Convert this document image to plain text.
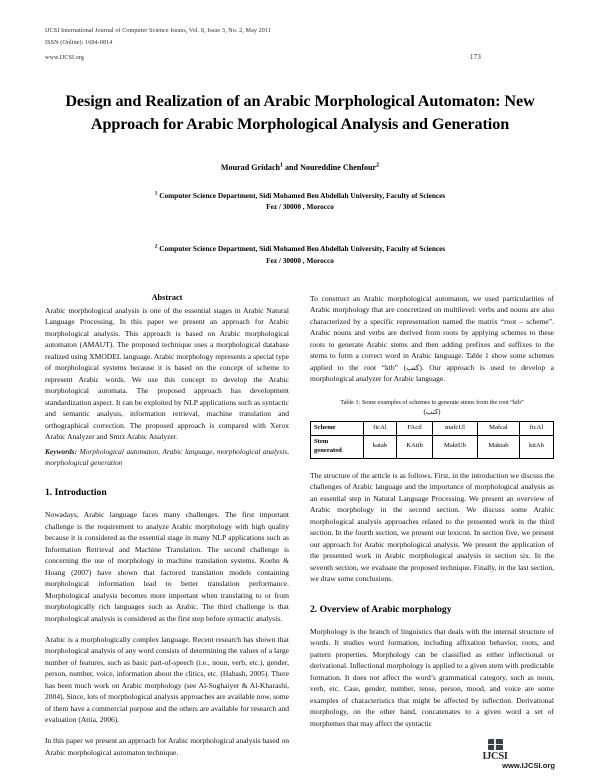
IJCSI International Journal of Computer Science Issues, Vol. 8, Issue 3, No. 2, May 2011
ISSN (Online): 1694-0814
www.IJCSI.org	173
Design and Realization of an Arabic Morphological Automaton: New Approach for Arabic Morphological Analysis and Generation
Mourad Gridach$^1$ and Noureddine Chenfour$^2$
$^1$ Computer Science Department, Sidi Mohamed Ben Abdellah University, Faculty of Sciences
Fez / 30000 , Morocco
$^2$ Computer Science Department, Sidi Mohamed Ben Abdellah University, Faculty of Sciences
Fez / 30000 , Morocco
Abstract

Arabic morphological analysis is one of the essential stages in Arabic Natural Language Processing. In this paper we present an approach for Arabic morphological analysis. This approach is based on Arabic morphological automaton (AMAUT). The proposed technique uses a morphological database realized using XMODEL language. Arabic morphology represents a special type of morphological systems because it is based on the concept of scheme to represent Arabic words. We use this concept to develop the Arabic morphological automata. The proposed approach has development standardization aspect. It can be exploited by NLP applications such as syntactic and semantic analysis, information retrieval, machine translation and orthographical correction. The proposed approach is compared with Xerox Arabic Analyzer and Smrz Arabic Analyzer.

Keywords: Morphological automaton, Arabic language, morphological analysis, morphological generation
1. Introduction

Nowadays, Arabic language faces many challenges. The first important challenge is the requirement to analyze Arabic morphology with high quality because it is considered as the essential stage in many NLP applications such as Information Retrieval and Machine Translation. The second challenge is concerning the use of morphology in machine translation systems. Koehn & Hoang (2007) have shown that factored translation models containing morphological information lead to better translation performance. Morphological analysis becomes more important when translating to or from morphologically rich languages such as Arabic. The third challenge is that morphological analysis is considered as the first step before syntactic analysis.

Arabic is a morphologically complex language. Recent research has shown that morphological analysis of any word consists of determining the values of a large number of features, such as basic part-of-speech (i.e., noun, verb, etc.), gender, person, number, voice, information about the clitics, etc. (Habash, 2005). There has been much work on Arabic morphology (see Al-Sughaiyer & Al-Kharashi, 2004). Since, lots of morphological analysis approaches are available now, some of them have a commercial purpose and the others are available for research and evaluation (Attia, 2006).

In this paper we present an approach for Arabic morphological analysis based on Arabic morphological automaton technique.

To construct an Arabic morphological automaton, we used particularities of Arabic morphology that are concretized on multilevel: verbs and nouns are also characterized by a specific representation named the matrix “root – scheme”. Arabic nouns and verbs are derived from roots by applying schemes to these roots to generate Arabic stems and then adding prefixes and suffixes to the stems to form a correct word in Arabic language. Table 1 show some schemes applied to the root “ktb” (كتب). Our approach is used to develop a morphological analyzer for Arabic language.

Table 1: Some examples of schemes to generate stems from the root “ktb”
(كتب)
Scheme	ficAl	FAcil	mafcUl	Mafcal	ficAl

Stem
generated	katab	KAtib	MaktUb	Maktab	kitAb

The structure of the article is as follows. First, in the introduction we discuss the challenges of Arabic language and the importance of morphological analysis as an essential step in Natural Language Processing. We present an overview of Arabic morphology in the second section. We discuss some Arabic morphological analysis approaches related to the presented work in the third section. In the fourth section, we present our lexicon. In section five, we present our approach for Arabic morphological analysis. We present the application of the presented work in Arabic morphological analysis in section six. In the seventh section, we evaluate the proposed technique. Finally, in the last section, we draw some conclusions.

2. Overview of Arabic morphology

Morphology is the branch of linguistics that deals with the internal structure of words. It studies word formation, including affixation behavior, roots, and pattern properties. Morphology can be classified as either inflectional or derivational. Inflectional morphology is applied to a given stem with predictable formation. It does not affect the word’s grammatical category, such as noun, verb, etc. Case, gender, number, tense, person, mood, and voice are some examples of characteristics that might be affected by inflection. Derivational morphology, on the other hand, concatenates to a given word a set of morphemes that may affect the syntactic

IJCSI
www.IJCSI.org
